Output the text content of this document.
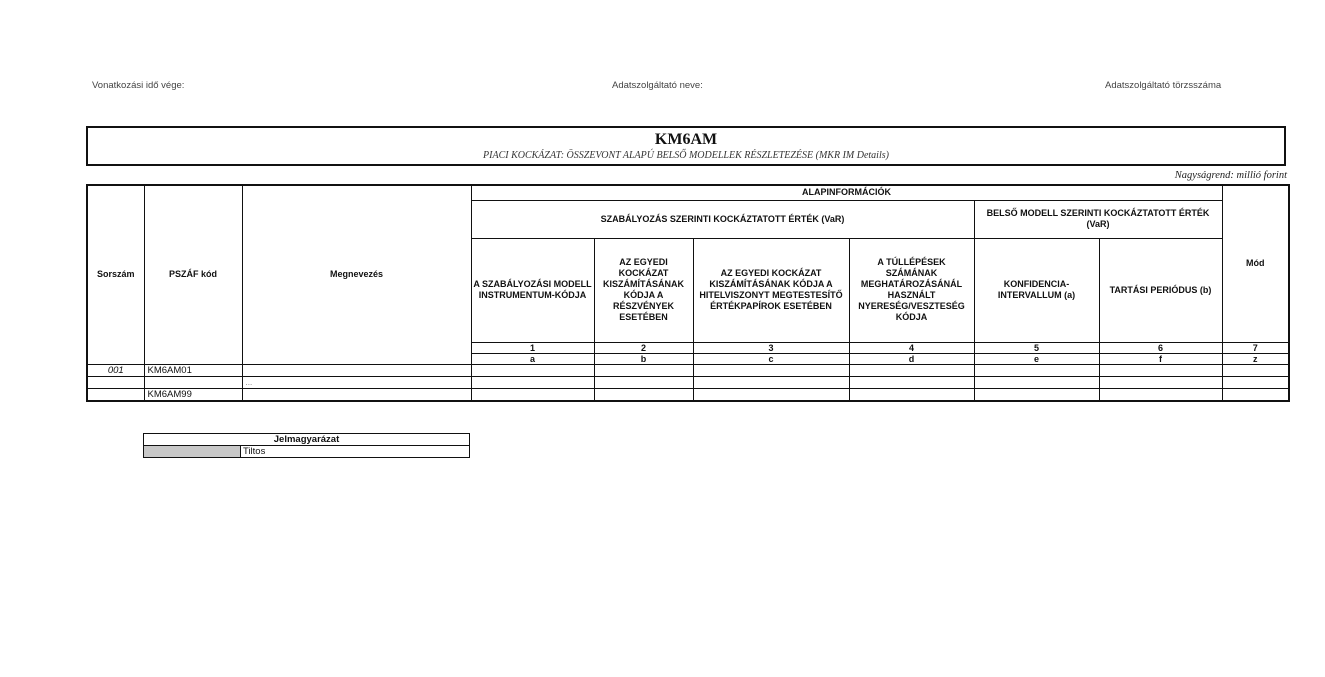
Vonatkozási idő vége:	Adatszolgáltató neve:	Adatszolgáltató törzsszáma
KM6AM
PIACI KOCKÁZAT: ÖSSZEVONT ALAPÚ BELSŐ MODELLEK RÉSZLETEZÉSE (MKR IM Details)
Nagyságrend: millió forint
Sorszám	PSZÁF kód	Megnevezés	ALAPINFORMÁCIÓK						Mód
			SZABÁLYOZÁS SZERINTI KOCKÁZTATOTT ÉRTÉK (VaR)				BELSŐ MODELL SZERINTI KOCKÁZTATOTT ÉRTÉK (VaR)		
			A SZABÁLYOZÁSI MODELL INSTRUMENTUM-KÓDJA	AZ EGYEDI KOCKÁZAT KISZÁMÍTÁSÁNAK KÓDJA A RÉSZVÉNYEK ESETÉBEN	AZ EGYEDI KOCKÁZAT KISZÁMÍTÁSÁNAK KÓDJA A HITELVISZONYT MEGTESTESÍTŐ ÉRTÉKPAPÍROK ESETÉBEN	A TÚLLÉPÉSEK SZÁMÁNAK MEGHATÁROZÁSÁNÁL HASZNÁLT NYERESÉG/VESZTESÉG KÓDJA	KONFIDENCIA-INTERVALLUM (a)	TARTÁSI PERIÓDUS (b)	
			1	2	3	4	5	6	7
			a	b	c	d	e	f	z
001	KM6AM01								
		...							
	KM6AM99								
Jelmagyarázat
	Tiltos
